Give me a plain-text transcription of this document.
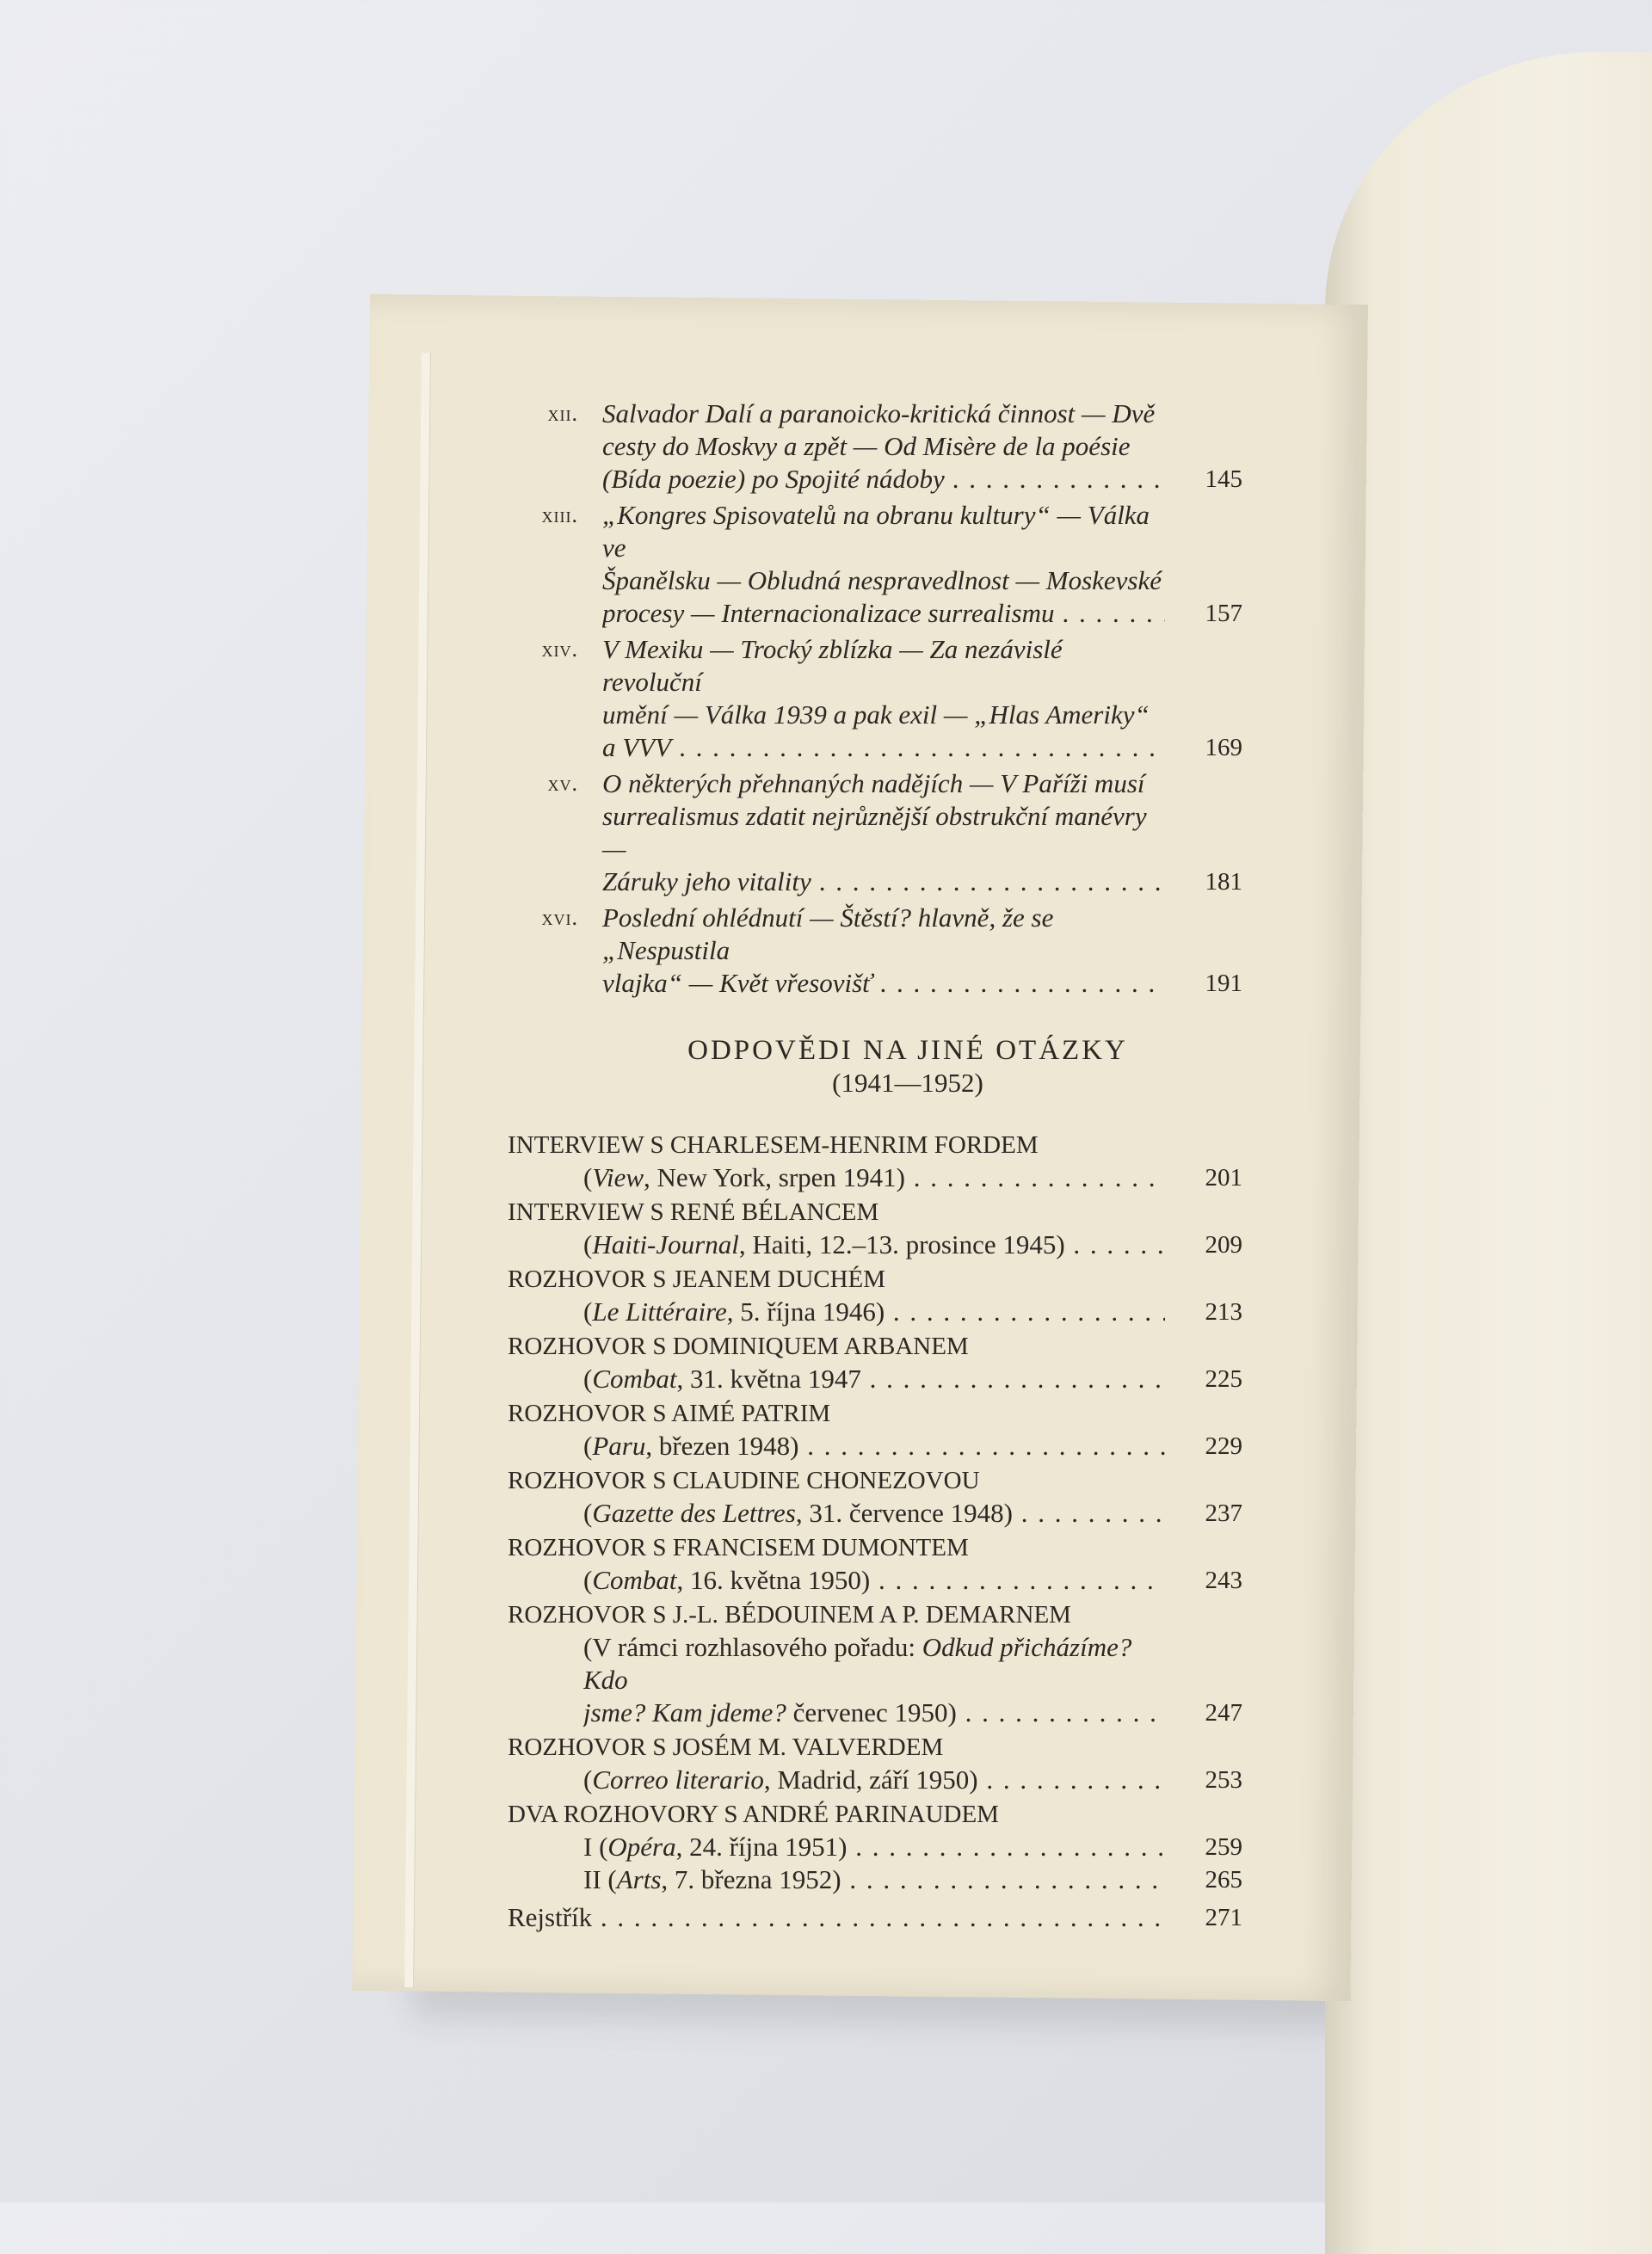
xii. Salvador Dalí a paranoicko-kritická činnost — Dvě
cesty do Moskvy a zpět — Od Misère de la poésie
(Bída poezie) po Spojité nádoby . . .	145
xiii. „Kongres Spisovatelů na obranu kultury“ — Válka ve
Španělsku — Obludná nespravedlnost — Moskevské
procesy — Internacionalizace surrealismu . . .	157
xiv. V Mexiku — Trocký zblízka — Za nezávislé revoluční
umění — Válka 1939 a pak exil — „Hlas Ameriky“
a VVV . . .	169
xv. O některých přehnaných nadějích — V Paříži musí
surrealismus zdatit nejrůznější obstrukční manévry —
Záruky jeho vitality . . .	181
xvi. Poslední ohlédnutí — Štěstí? hlavně, že se „Nespustila
vlajka“ — Květ vřesovišť . . .	191
ODPOVĚDI NA JINÉ OTÁZKY
(1941—1952)
INTERVIEW S CHARLESEM-HENRIM FORDEM
(View, New York, srpen 1941) . . .	201
INTERVIEW S RENÉ BÉLANCEM
(Haiti-Journal, Haiti, 12.–13. prosince 1945) . . .	209
ROZHOVOR S JEANEM DUCHÉM
(Le Littéraire, 5. října 1946) . . .	213
ROZHOVOR S DOMINIQUEM ARBANEM
(Combat, 31. května 1947 . . .	225
ROZHOVOR S AIMÉ PATRIM
(Paru, březen 1948) . . .	229
ROZHOVOR S CLAUDINE CHONEZOVOU
(Gazette des Lettres, 31. července 1948) . . .	237
ROZHOVOR S FRANCISEM DUMONTEM
(Combat, 16. května 1950) . . .	243
ROZHOVOR S J.-L. BÉDOUINEM A P. DEMARNEM
(V rámci rozhlasového pořadu: Odkud přicházíme? Kdo
jsme? Kam jdeme? červenec 1950) . . .	247
ROZHOVOR S JOSÉM M. VALVERDEM
(Correo literario, Madrid, září 1950) . . .	253
DVA ROZHOVORY S ANDRÉ PARINAUDEM
I (Opéra, 24. října 1951) . . .	259
II (Arts, 7. března 1952) . . .	265
Rejstřík . . .	271
